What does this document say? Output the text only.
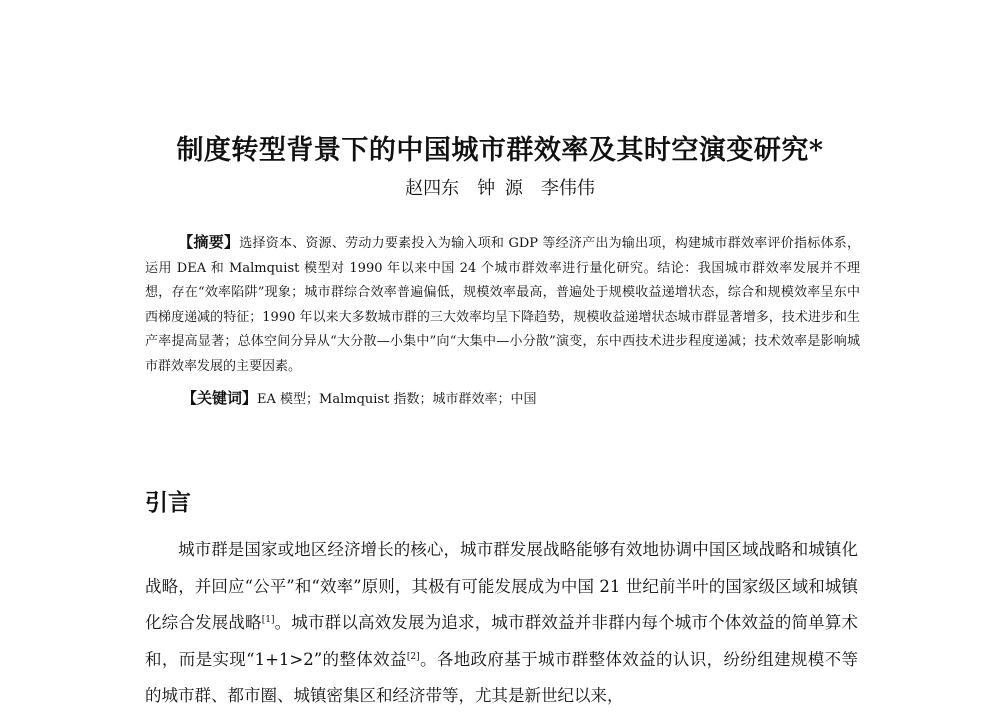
制度转型背景下的中国城市群效率及其时空演变研究*
赵四东　钟 源　李伟伟
【摘要】选择资本、资源、劳动力要素投入为输入项和 GDP 等经济产出为输出项，构建城市群效率评价指标体系，运用 DEA 和 Malmquist 模型对 1990 年以来中国 24 个城市群效率进行量化研究。结论：我国城市群效率发展并不理想，存在“效率陷阱”现象；城市群综合效率普遍偏低，规模效率最高，普遍处于规模收益递增状态，综合和规模效率呈东中西梯度递减的特征；1990 年以来大多数城市群的三大效率均呈下降趋势，规模收益递增状态城市群显著增多，技术进步和生产率提高显著；总体空间分异从“大分散—小集中”向“大集中—小分散”演变，东中西技术进步程度递减；技术效率是影响城市群效率发展的主要因素。
【关键词】EA 模型；Malmquist 指数；城市群效率；中国
引言
城市群是国家或地区经济增长的核心，城市群发展战略能够有效地协调中国区域战略和城镇化战略，并回应“公平”和“效率”原则，其极有可能发展成为中国 21 世纪前半叶的国家级区域和城镇化综合发展战略[1]。城市群以高效发展为追求，城市群效益并非群内每个城市个体效益的简单算术和，而是实现“1+1>2”的整体效益[2]。各地政府基于城市群整体效益的认识，纷纷组建规模不等的城市群、都市圈、城镇密集区和经济带等，尤其是新世纪以来，
